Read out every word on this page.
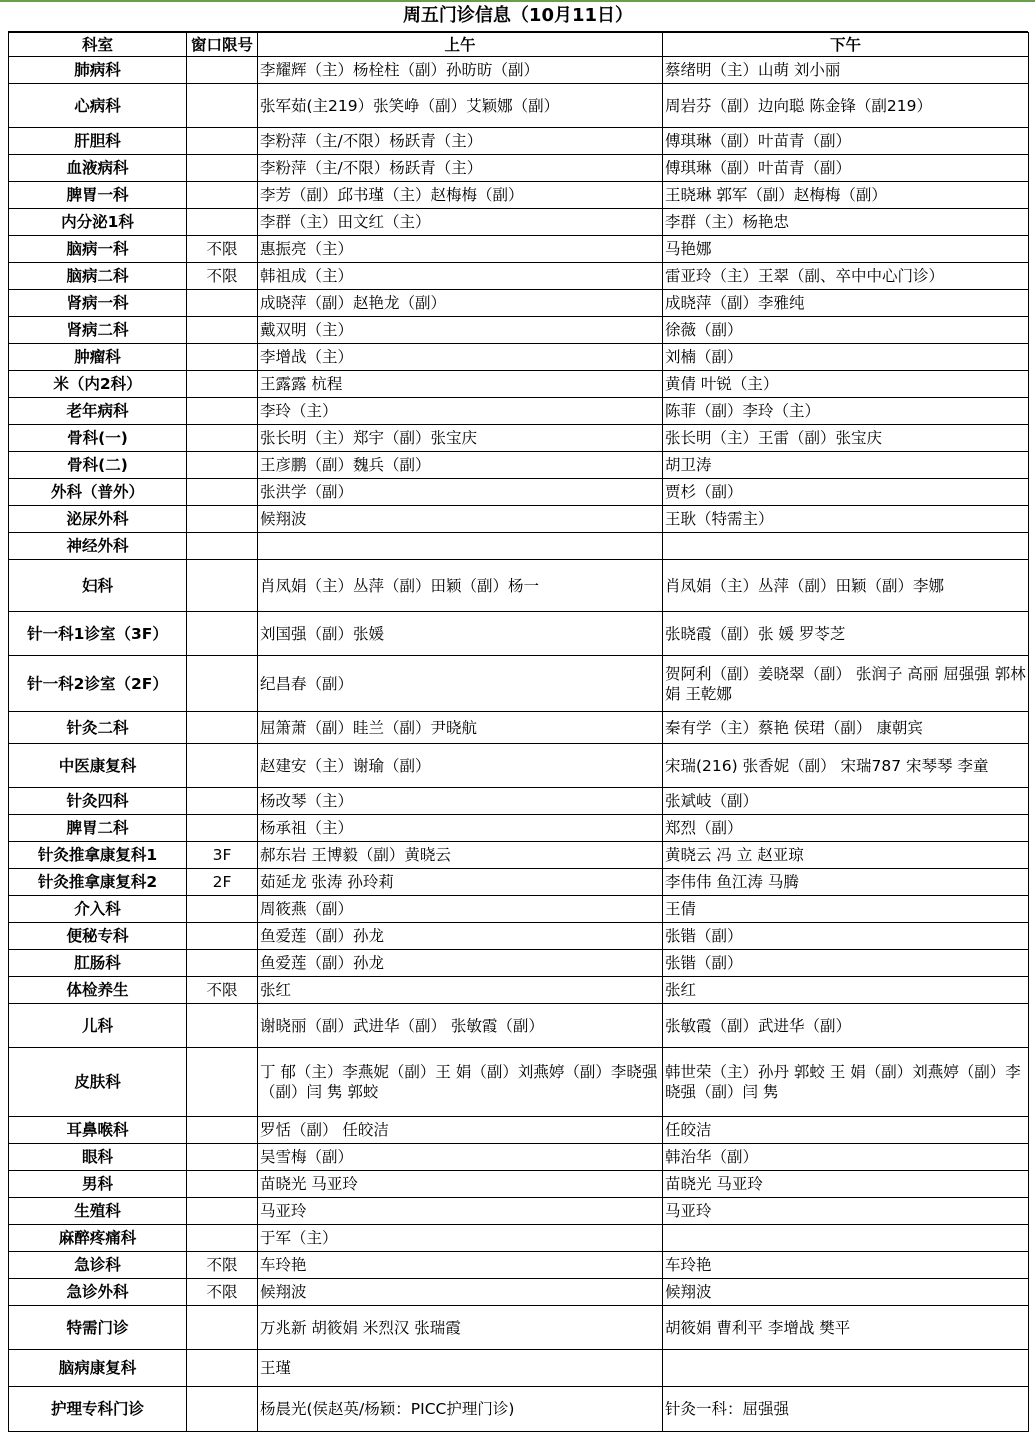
周五门诊信息（10月11日）
科室	窗口限号	上午	下午
肺病科		李耀辉（主）杨栓柱（副）孙昉昉（副）	蔡绪明（主）山萌 刘小丽
心病科		张军茹(主219）张笑峥（副）艾颖娜（副）	周岩芬（副）边向聪 陈金锋（副219）
肝胆科		李粉萍（主/不限）杨跃青（主）	傅琪琳（副）叶苗青（副）
血液病科		李粉萍（主/不限）杨跃青（主）	傅琪琳（副）叶苗青（副）
脾胃一科		李芳（副）邱书瑾（主）赵梅梅（副）	王晓琳 郭军（副）赵梅梅（副）
内分泌1科		李群（主）田文红（主）	李群（主）杨艳忠
脑病一科	不限	惠振亮（主）	马艳娜
脑病二科	不限	韩祖成（主）	雷亚玲（主）王翠（副、卒中中心门诊）
肾病一科		成晓萍（副）赵艳龙（副）	成晓萍（副）李雅纯
肾病二科		戴双明（主）	徐薇（副）
肿瘤科		李增战（主）	刘楠（副）
米（内2科）		王露露 杭程	黄倩 叶锐（主）
老年病科		李玲（主）	陈菲（副）李玲（主）
骨科(一)		张长明（主）郑宇（副）张宝庆	张长明（主）王雷（副）张宝庆
骨科(二)		王彦鹏（副）魏兵（副）	胡卫涛
外科（普外）		张洪学（副）	贾杉（副）
泌尿外科		候翔波	王耿（特需主）
神经外科			
妇科		肖凤娟（主）丛萍（副）田颖（副）杨一	肖凤娟（主）丛萍（副）田颖（副）李娜
针一科1诊室（3F）		刘国强（副）张媛	张晓霞（副）张 媛 罗苓芝
针一科2诊室（2F）		纪昌春（副）	贺阿利（副）姜晓翠（副） 张润子 高丽 屈强强 郭林娟 王乾娜
针灸二科		屈箫萧（副）眭兰（副）尹晓航	秦有学（主）蔡艳 侯珺（副） 康朝宾
中医康复科		赵建安（主）谢瑜（副）	宋瑞(216) 张香妮（副） 宋瑞787 宋琴琴 李童
针灸四科		杨改琴（主）	张斌岐（副）
脾胃二科		杨承祖（主）	郑烈（副）
针灸推拿康复科1	3F	郝东岩 王博毅（副）黄晓云	黄晓云 冯 立 赵亚琼
针灸推拿康复科2	2F	茹延龙 张涛 孙玲莉	李伟伟 鱼江涛 马腾
介入科		周筱燕（副）	王倩
便秘专科		鱼爱莲（副）孙龙	张锴（副）
肛肠科		鱼爱莲（副）孙龙	张锴（副）
体检养生	不限	张红	张红
儿科		谢晓丽（副）武进华（副） 张敏霞（副）	张敏霞（副）武进华（副）
皮肤科		丁 郁（主）李燕妮（副）王 娟（副）刘燕婷（副）李晓强（副）闫 隽 郭蛟	韩世荣（主）孙丹 郭蛟 王 娟（副）刘燕婷（副）李晓强（副）闫 隽
耳鼻喉科		罗恬（副） 任皎洁	任皎洁
眼科		吴雪梅（副）	韩治华（副）
男科		苗晓光 马亚玲	苗晓光 马亚玲
生殖科		马亚玲	马亚玲
麻醉疼痛科		于军（主）	
急诊科	不限	车玲艳	车玲艳
急诊外科	不限	候翔波	候翔波
特需门诊		万兆新 胡筱娟 米烈汉 张瑞霞	胡筱娟 曹利平 李增战 樊平
脑病康复科		王瑾	
护理专科门诊		杨晨光(侯赵英/杨颖：PICC护理门诊)	针灸一科：屈强强
